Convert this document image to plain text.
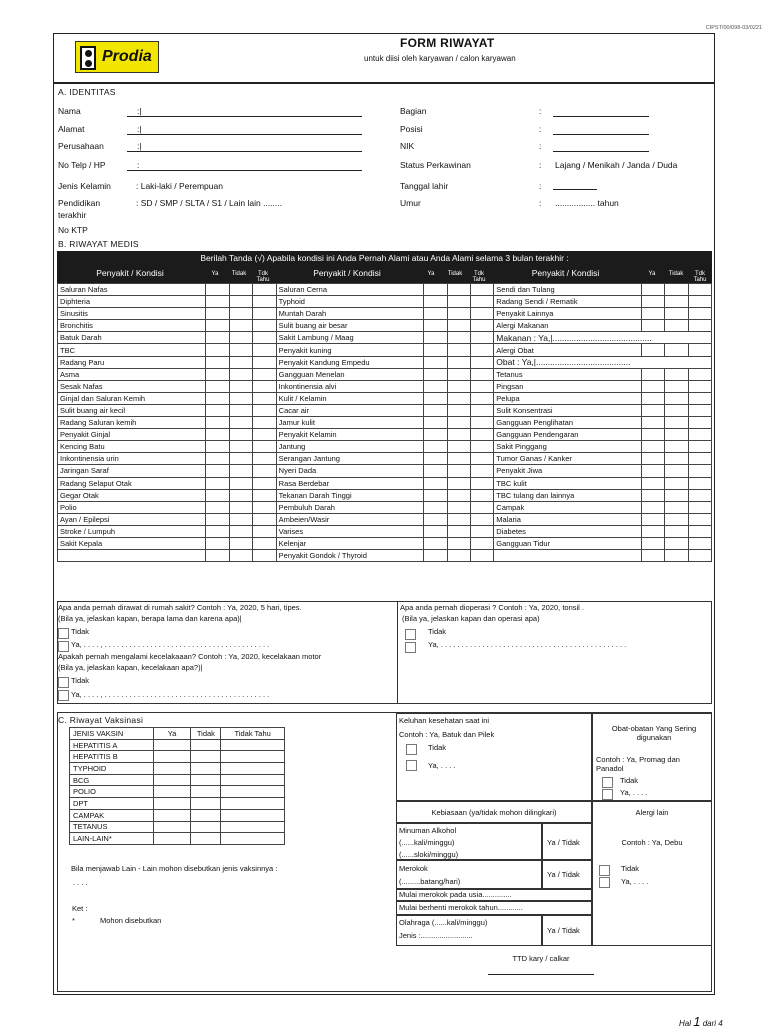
CIPST/00/098-03/0221
Prodia
FORM RIWAYAT
untuk diisi oleh karyawan / calon karyawan
A. IDENTITAS
Nama	:|
Alamat	:|
Perusahaan	:|
No Telp / HP	:
Jenis Kelamin	: Laki-laki / Perempuan
Pendidikan
terakhir
: SD / SMP / SLTA / S1 / Lain lain ........
No KTP
Bagian	:
Posisi	:
NIK	:
Status Perkawinan	: Lajang / Menikah / Janda / Duda
Tanggal lahir	:
Umur	: ................. tahun
B. RIWAYAT MEDIS
Berilah Tanda (√) Apabila kondisi ini Anda Pernah Alami atau Anda Alami selama 3 bulan terakhir :
Penyakit / Kondisi	Ya	Tidak	Tdk Tahu
Penyakit / Kondisi	Ya	Tidak	Tdk Tahu
Penyakit / Kondisi	Ya	Tidak	Tdk Tahu
Saluran Nafas				Saluran Cerna				Sendi dan Tulang			
Diphteria				Typhoid				Radang Sendi / Rematik			
Sinusitis				Muntah Darah				Penyakit Lainnya			
Bronchitis				Sulit buang air besar				Alergi Makanan			
Batuk Darah				Sakit Lambung / Maag				Makanan : Ya,|..........................................			
TBC				Penyakit kuning				Alergi Obat			
Radang Paru				Penyakit Kandung Empedu				Obat : Ya,|........................................			
Asma				Gangguan Menelan				Tetanus			
Sesak Nafas				Inkontinensia alvi				Pingsan			
Ginjal dan Saluran Kemih				Kulit / Kelamin				Pelupa			
Sulit buang air kecil				Cacar air				Sulit Konsentrasi			
Radang Saluran kemih				Jamur kulit				Gangguan Penglihatan			
Penyakit Ginjal				Penyakit Kelamin				Gangguan Pendengaran			
Kencing Batu				Jantung				Sakit Pinggang			
Inkontinensia urin				Serangan Jantung				Tumor Ganas / Kanker			
Jaringan Saraf				Nyeri Dada				Penyakit Jiwa			
Radang Selaput Otak				Rasa Berdebar				TBC kulit			
Gegar Otak				Tekanan Darah Tinggi				TBC tulang dan lainnya			
Polio				Pembuluh Darah				Campak			
Ayan / Epilepsi				Ambeien/Wasir				Malaria			
Stroke / Lumpuh				Varises				Diabetes			
Sakit Kepala				Kelenjar				Gangguan Tidur			
				Penyakit Gondok / Thyroid							
Apa anda pernah dirawat di rumah sakit? Contoh : Ya, 2020, 5 hari, tipes.
(Bila ya, jelaskan kapan, berapa lama dan karena apa)|
Tidak
Ya, . . . . , . . . . . . . . . . . . . . . . . . . . . . . . . . . . . . . . . . . . . . . .
Apakah pernah mengalami kecelakaaan? Contoh : Ya, 2020, kecelakaan motor
(Bila ya, jelaskan kapan, kecelakaan apa?)|
Tidak
Ya, . . . . , . . . . . . . . . . . . . . . . . . . . . . . . . . . . . . . . . . . . . . . .
Apa anda pernah dioperasi ? Contoh : Ya, 2020, tonsil .
(Bila ya, jelaskan kapan dan operasi apa)
Tidak
Ya, . . . . . . . . . . . . . . . . . . . . . . . . . . . . . . . . . . . . . . . . . . . . .
C. Riwayat Vaksinasi
JENIS VAKSIN	Ya	Tidak	Tidak Tahu
HEPATITIS A			
HEPATITIS B			
TYPHOID			
BCG			
POLIO			
DPT			
CAMPAK			
TETANUS			
LAIN-LAIN*			
Bila menjawab Lain - Lain mohon disebutkan jenis vaksinnya :
. . . .
Ket :
*	Mohon disebutkan
Keluhan kesehatan saat ini
Contoh : Ya, Batuk dan Pilek
Tidak
Ya, . . . .
Obat-obatan Yang Sering digunakan
Contoh : Ya, Promag dan Panadol
Tidak
Ya, . . . .
Kebiasaan (ya/tidak mohon dilingkari)
Minuman Alkohol
(......kali/minggu)
(......sloki/minggu)
Ya / Tidak
Merokok
(.........batang/hari)
Ya / Tidak
Mulai merokok pada usia..............
Mulai berhenti merokok tahun............
Olahraga (......kali/minggu)
Jenis :.........................
Ya / Tidak
Alergi lain
Contoh : Ya, Debu
Tidak
Ya, . . . .
TTD kary / calkar
Hal 1 dari 4
